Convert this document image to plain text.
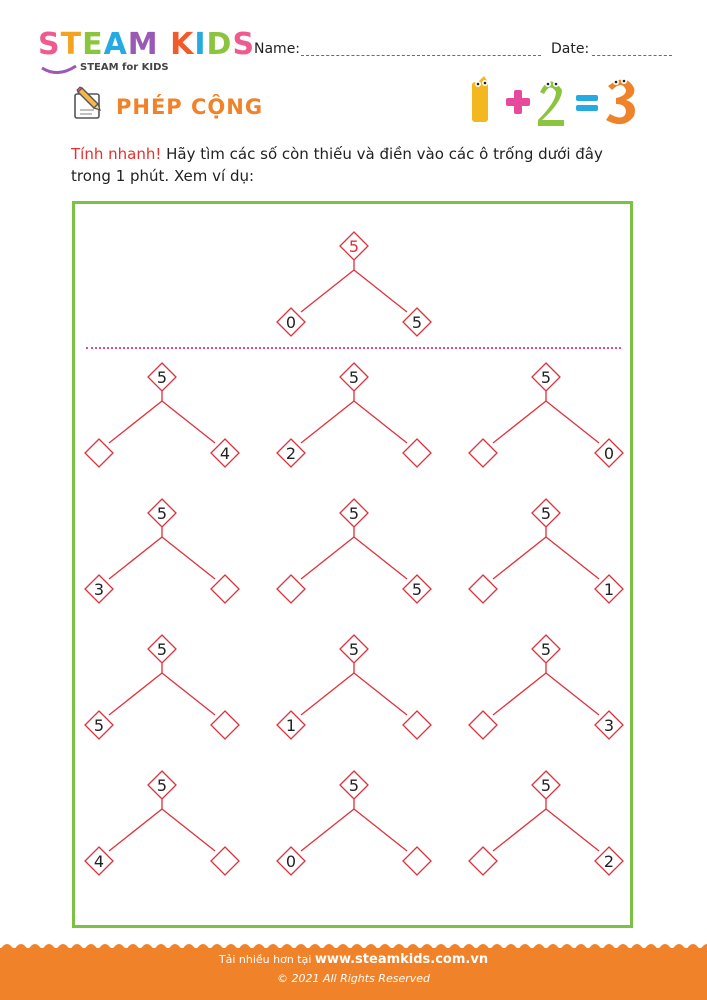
STEAM KIDS
STEAM for KIDS
Name:	Date:
PHÉP CỘNG
Tính nhanh! Hãy tìm các số còn thiếu và điền vào các ô trống dưới đây trong 1 phút. Xem ví dụ:
5
0	5
5
4
5
2
5
0
5
3
5
5
5
1
5
5
5
1
5
3
5
4
5
0
5
2
Tải nhiều hơn tại www.steamkids.com.vn
© 2021 All Rights Reserved
